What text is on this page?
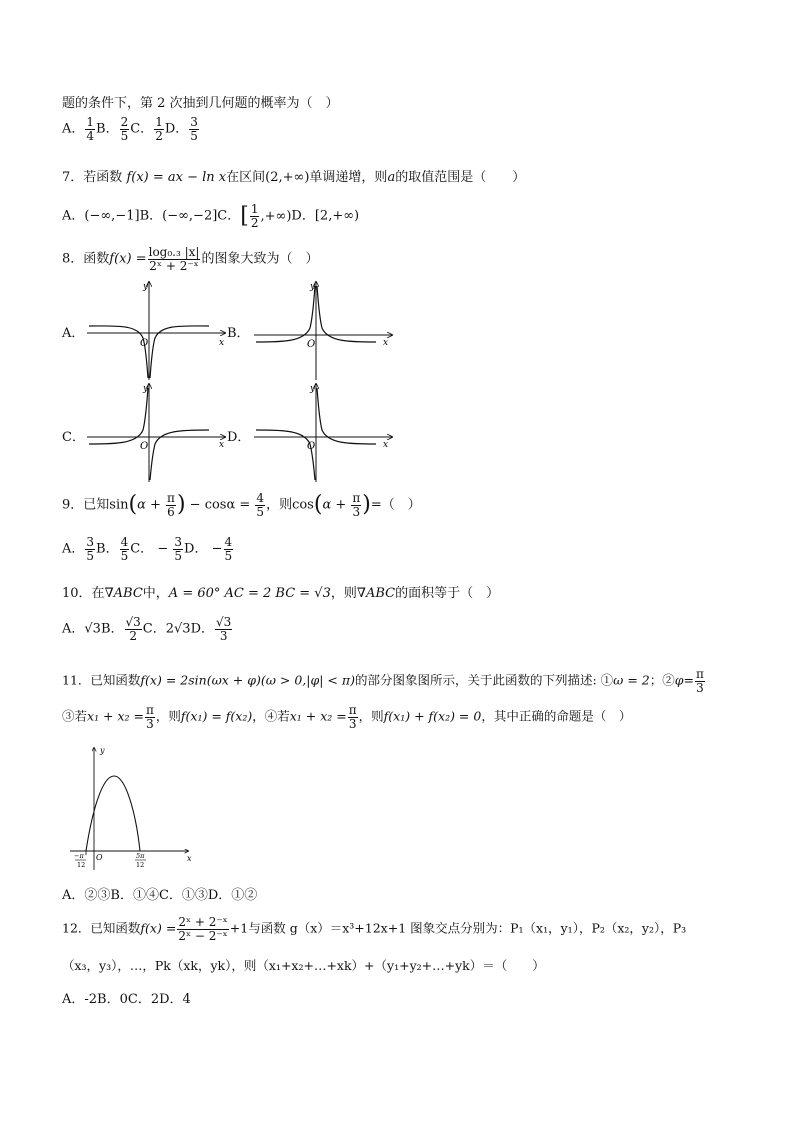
题的条件下，第 2 次抽到几何题的概率为（　）
A． $\frac{1}{4}$ B． $\frac{2}{5}$ C． $\frac{1}{2}$ D． $\frac{3}{5}$
7．若函数 f(x) = ax − ln x在区间(2,+∞)单调递增，则a的取值范围是（　　）
A．(−∞,−1]B．(−∞,−2]C．[ $\frac{1}{2} ,+\infty)D$．[2,+∞)
8．函数$f(x) = \frac{\text{log₀.₃ |x|}}{\text{2ˣ + 2⁻ˣ}}$ 的图象大致为（　）
A．	B．
C．	D．
O
y
x	O
y
x
O
y
x	O
y
x
9．已知$\sin(\alpha + \frac{\pi}{6}$ ) − $\cos\alpha = \frac{4}{5}$ ，则$\cos(\alpha + \frac{\pi}{3}$ )=（　）
A． $\frac{3}{5}$ B． $\frac{4}{5}$ C． − $\frac{3}{5}$ D． − $\frac{4}{5}$
10．在∇ABC中，A = 60° AC = 2 BC = √3，则∇ABC的面积等于（　）
A．√3B． $\frac{√3}{2}$ C．2√3D． $\frac{√3}{3}$
11．已知函数f(x) = 2sin(ωx + φ)(ω > 0,|φ| < π)的部分图象图所示，关于此函数的下列描述: ①ω = 2；②φ= $\frac{\pi}{3}$
③若$x_1 + x_2 = \frac{\pi}{3}$ ，则f(x₁) = f(x₂)，④若$x_1 + x_2 = \frac{\pi}{3}$ ，则f(x₁) + f(x₂) = 0，其中正确的命题是（　）
y
x
O
−π
12
5π
12
A．②③B．①④C．①③D．①②
12．已知函数$f(x) = \frac{\text{2ˣ + 2⁻ˣ}}{\text{2ˣ − 2⁻ˣ}} +1$与函数 g（x）＝x³+12x+1 图象交点分别为：P₁（x₁，y₁），P₂（x₂，y₂），P₃
（x₃，y₃），…，Pk（xk，yk），则（x₁+x₂+…+xk）+（y₁+y₂+…+yk）＝（　　）
A．-2B．0C．2D．4
